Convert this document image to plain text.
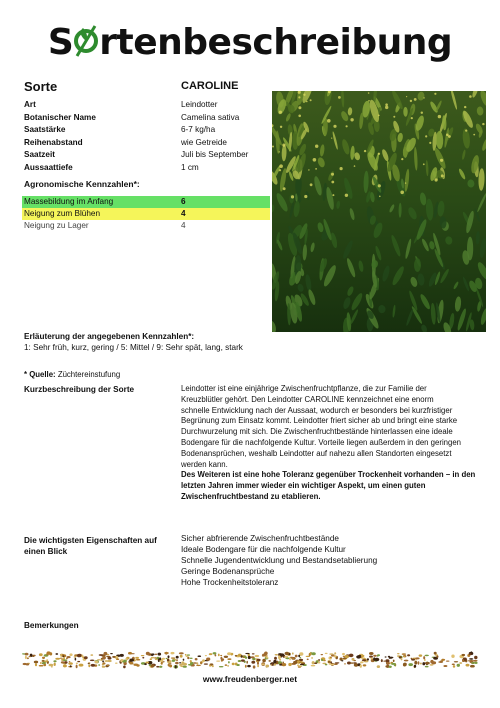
S rtenbeschreibung
Sorte	CAROLINE
Art	Leindotter
Botanischer Name	Camelina sativa
Saatstärke	6-7 kg/ha
Reihenabstand	wie Getreide
Saatzeit	Juli bis September
Aussaattiefe	1 cm
Agronomische Kennzahlen*:
Massebildung im Anfang	6
Neigung zum Blühen	4
Neigung zu Lager	4
Erläuterung der angegebenen Kennzahlen*:
1: Sehr früh, kurz, gering / 5: Mittel / 9: Sehr spät, lang, stark
* Quelle: Züchtereinstufung
Kurzbeschreibung der Sorte	Leindotter ist eine einjährige Zwischenfruchtpflanze, die zur Familie der

Kreuzblütler gehört. Den Leindotter CAROLINE kennzeichnet eine enorm

schnelle Entwicklung nach der Aussaat, wodurch er besonders bei kurzfristiger

Begrünung zum Einsatz kommt. Leindotter friert sicher ab und bringt eine starke

Durchwurzelung mit sich. Die Zwischenfruchtbestände hinterlassen eine ideale

Bodengare für die nachfolgende Kultur. Vorteile liegen außerdem in den geringen

Bodenansprüchen, weshalb Leindotter auf nahezu allen Standorten eingesetzt

werden kann.

Des Weiteren ist eine hohe Toleranz gegenüber Trockenheit vorhanden – in den

letzten Jahren immer wieder ein wichtiger Aspekt, um einen guten

Zwischenfruchtbestand zu etablieren.

Die wichtigsten Eigenschaften auf einen Blick
Sicher abfrierende Zwischenfruchtbestände
Ideale Bodengare für die nachfolgende Kultur
Schnelle Jugendentwicklung und Bestandsetablierung
Geringe Bodenansprüche
Hohe Trockenheitstoleranz
Bemerkungen
www.freudenberger.net
